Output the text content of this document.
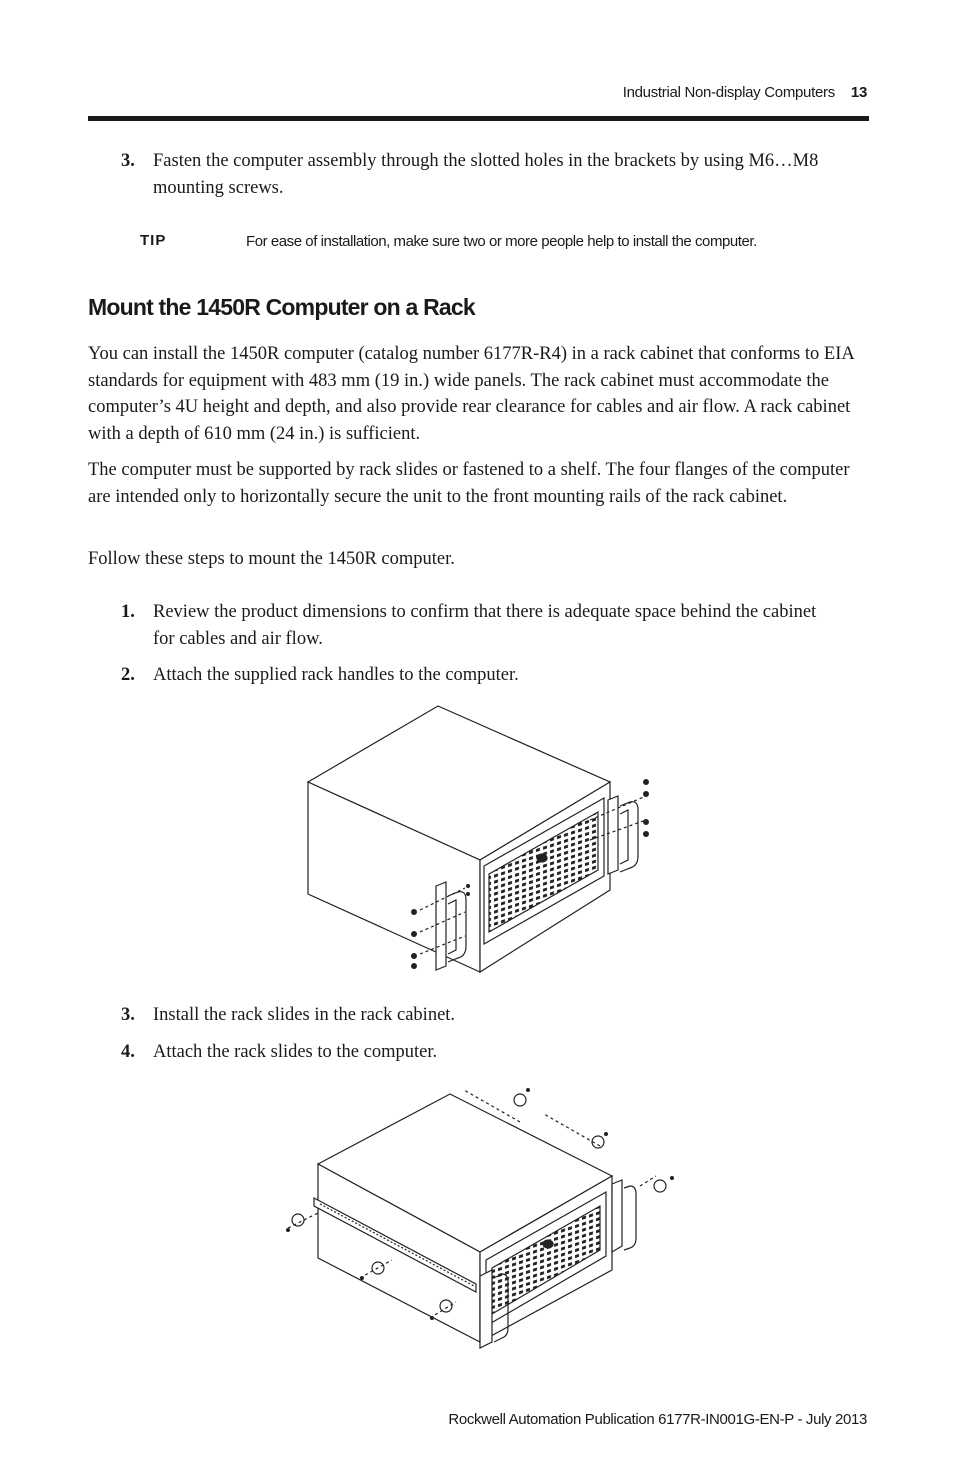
Industrial Non-display Computers 13
3. Fasten the computer assembly through the slotted holes in the brackets by using M6…M8 mounting screws.
TIP	For ease of installation, make sure two or more people help to install the computer.
Mount the 1450R Computer on a Rack

You can install the 1450R computer (catalog number 6177R-R4) in a rack cabinet that conforms to EIA standards for equipment with 483 mm (19 in.) wide panels. The rack cabinet must accommodate the computer’s 4U height and depth, and also provide rear clearance for cables and air flow. A rack cabinet with a depth of 610 mm (24 in.) is sufficient.

The computer must be supported by rack slides or fastened to a shelf. The four flanges of the computer are intended only to horizontally secure the unit to the front mounting rails of the rack cabinet.

Follow these steps to mount the 1450R computer.

1. Review the product dimensions to confirm that there is adequate space behind the cabinet for cables and air flow.
2. Attach the supplied rack handles to the computer.
3. Install the rack slides in the rack cabinet.
4. Attach the rack slides to the computer.
Rockwell Automation Publication 6177R-IN001G-EN-P - July 2013
